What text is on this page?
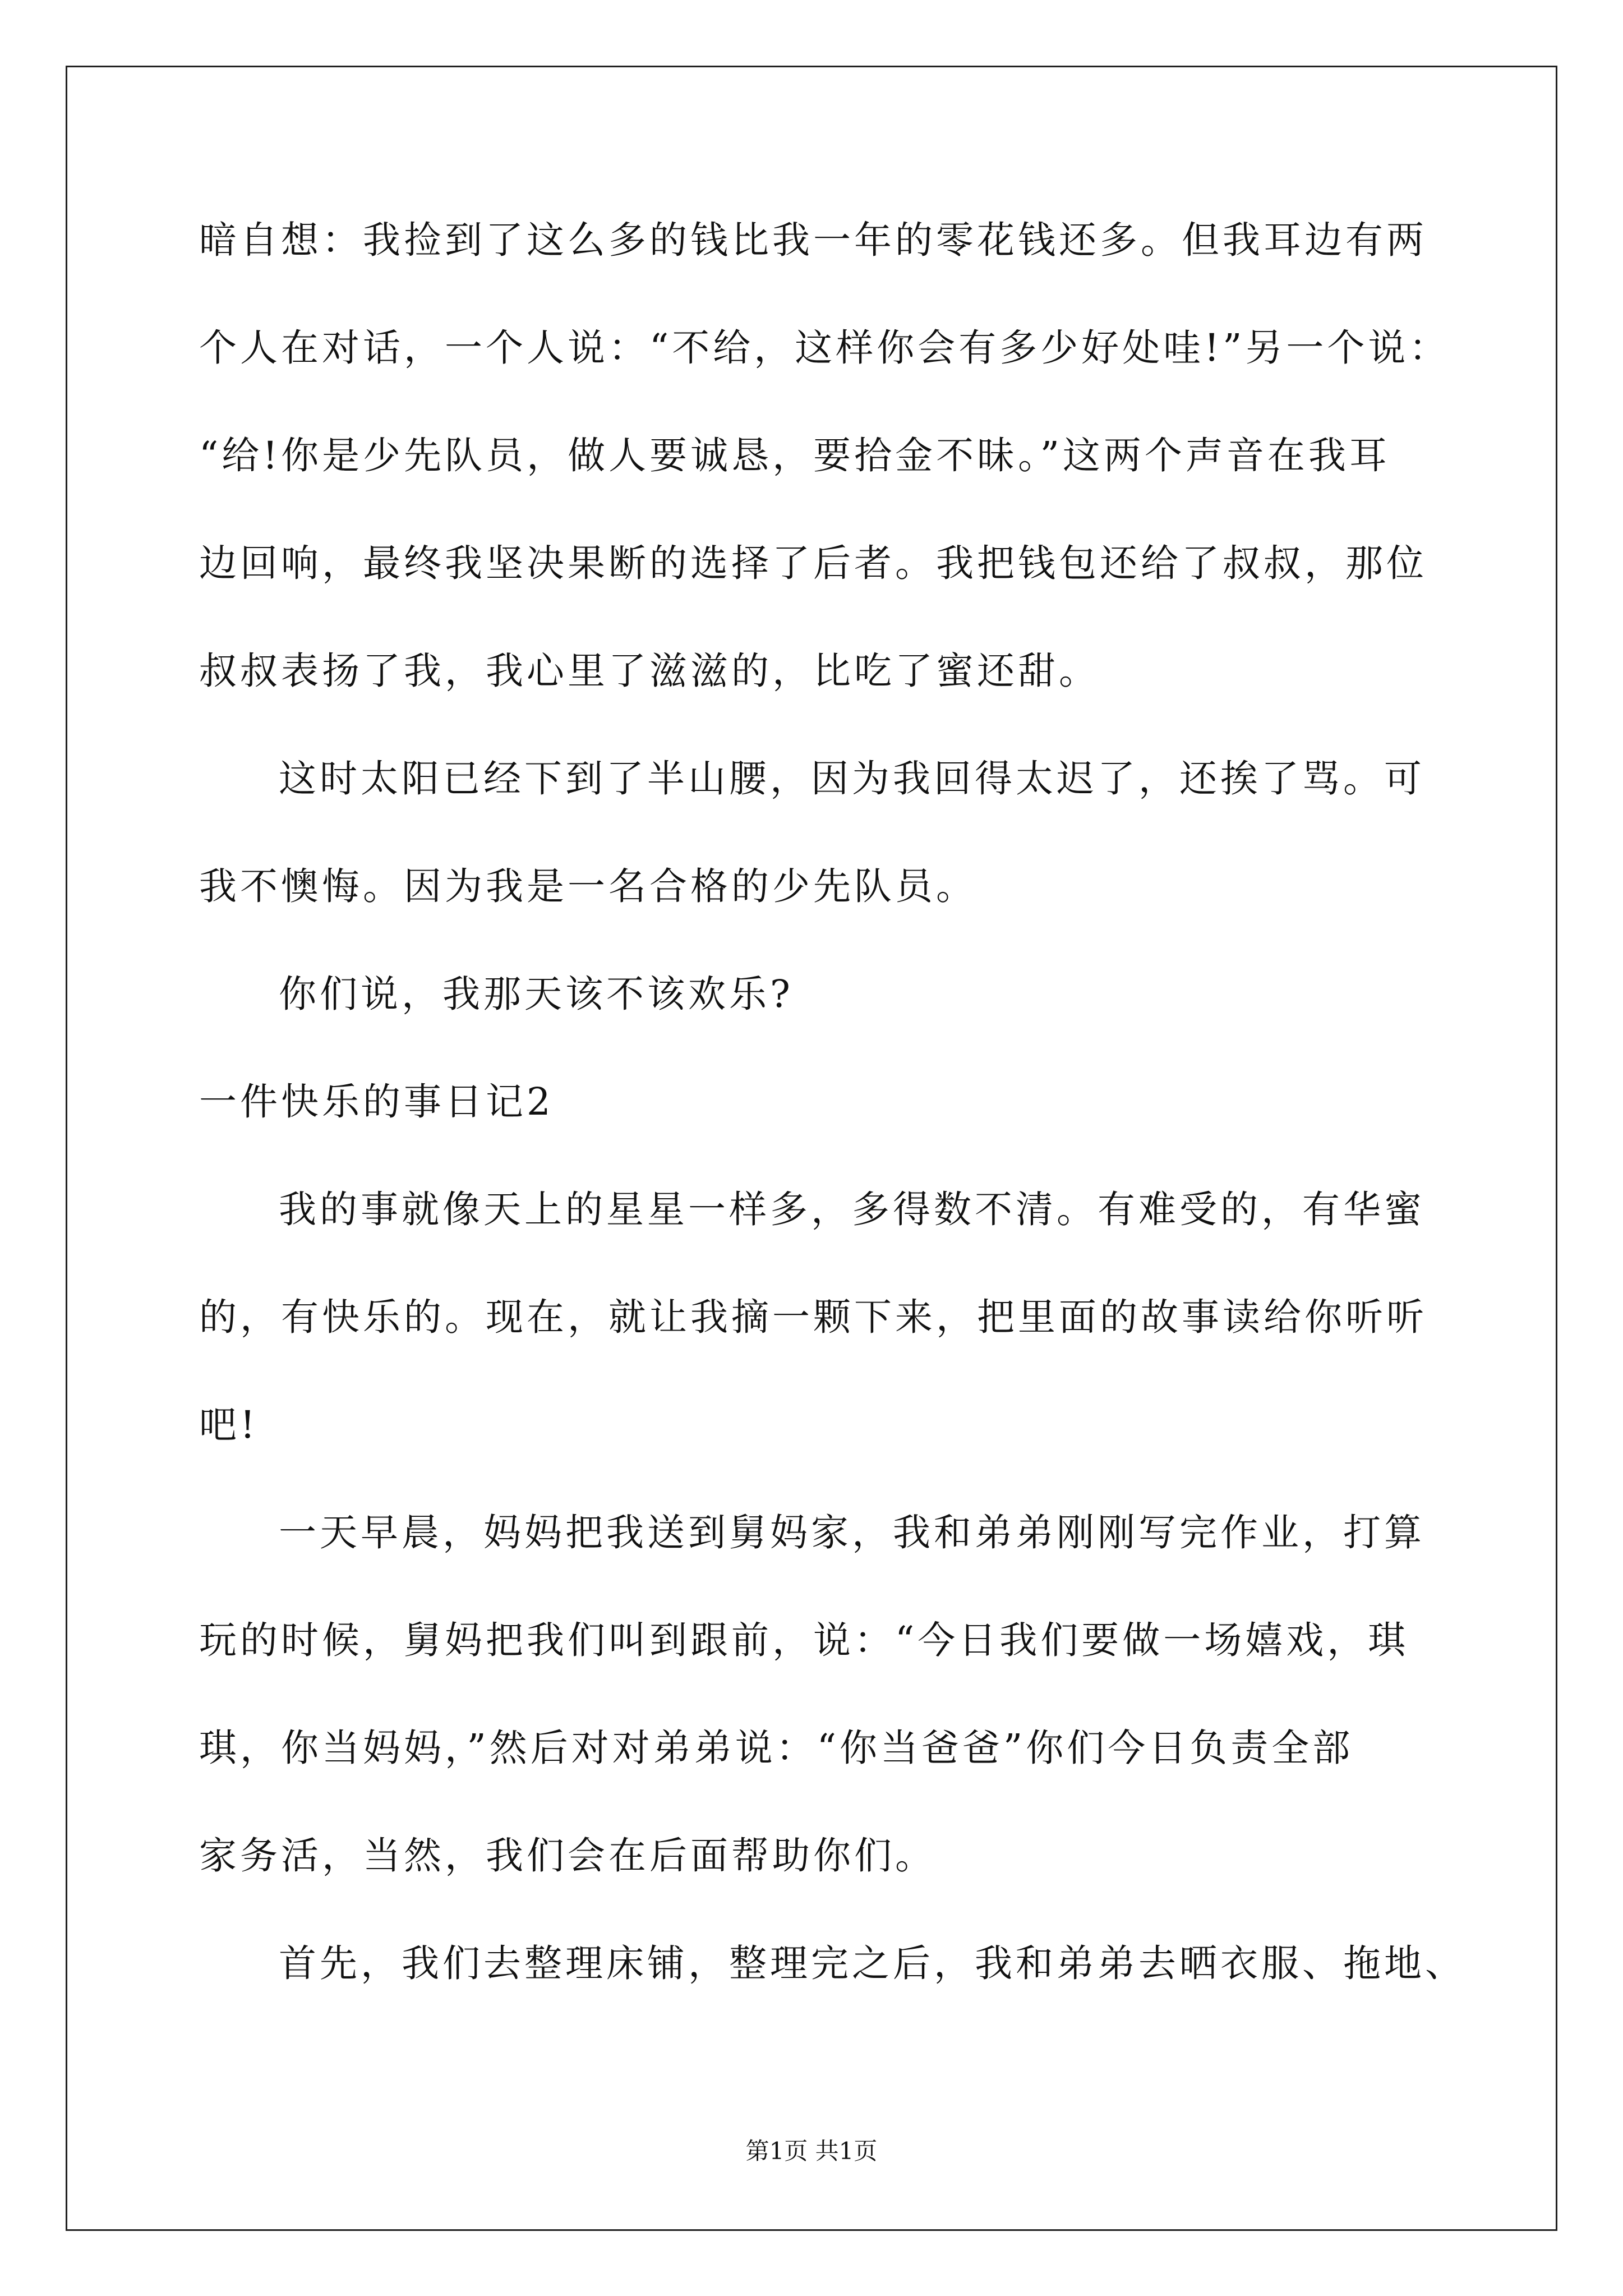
暗自想：我捡到了这么多的钱比我一年的零花钱还多。但我耳边有两
个人在对话，一个人说：“不给，这样你会有多少好处哇!”另一个说：
“给!你是少先队员，做人要诚恳，要拾金不昧。”这两个声音在我耳
边回响，最终我坚决果断的选择了后者。我把钱包还给了叔叔，那位
叔叔表扬了我，我心里了滋滋的，比吃了蜜还甜。
这时太阳已经下到了半山腰，因为我回得太迟了，还挨了骂。可
我不懊悔。因为我是一名合格的少先队员。
你们说，我那天该不该欢乐?
一件快乐的事日记2
我的事就像天上的星星一样多，多得数不清。有难受的，有华蜜
的，有快乐的。现在，就让我摘一颗下来，把里面的故事读给你听听
吧!
一天早晨，妈妈把我送到舅妈家，我和弟弟刚刚写完作业，打算
玩的时候，舅妈把我们叫到跟前，说：“今日我们要做一场嬉戏，琪
琪，你当妈妈，”然后对对弟弟说：“你当爸爸”你们今日负责全部
家务活，当然，我们会在后面帮助你们。
首先，我们去整理床铺，整理完之后，我和弟弟去晒衣服、拖地、
第1页 共1页
